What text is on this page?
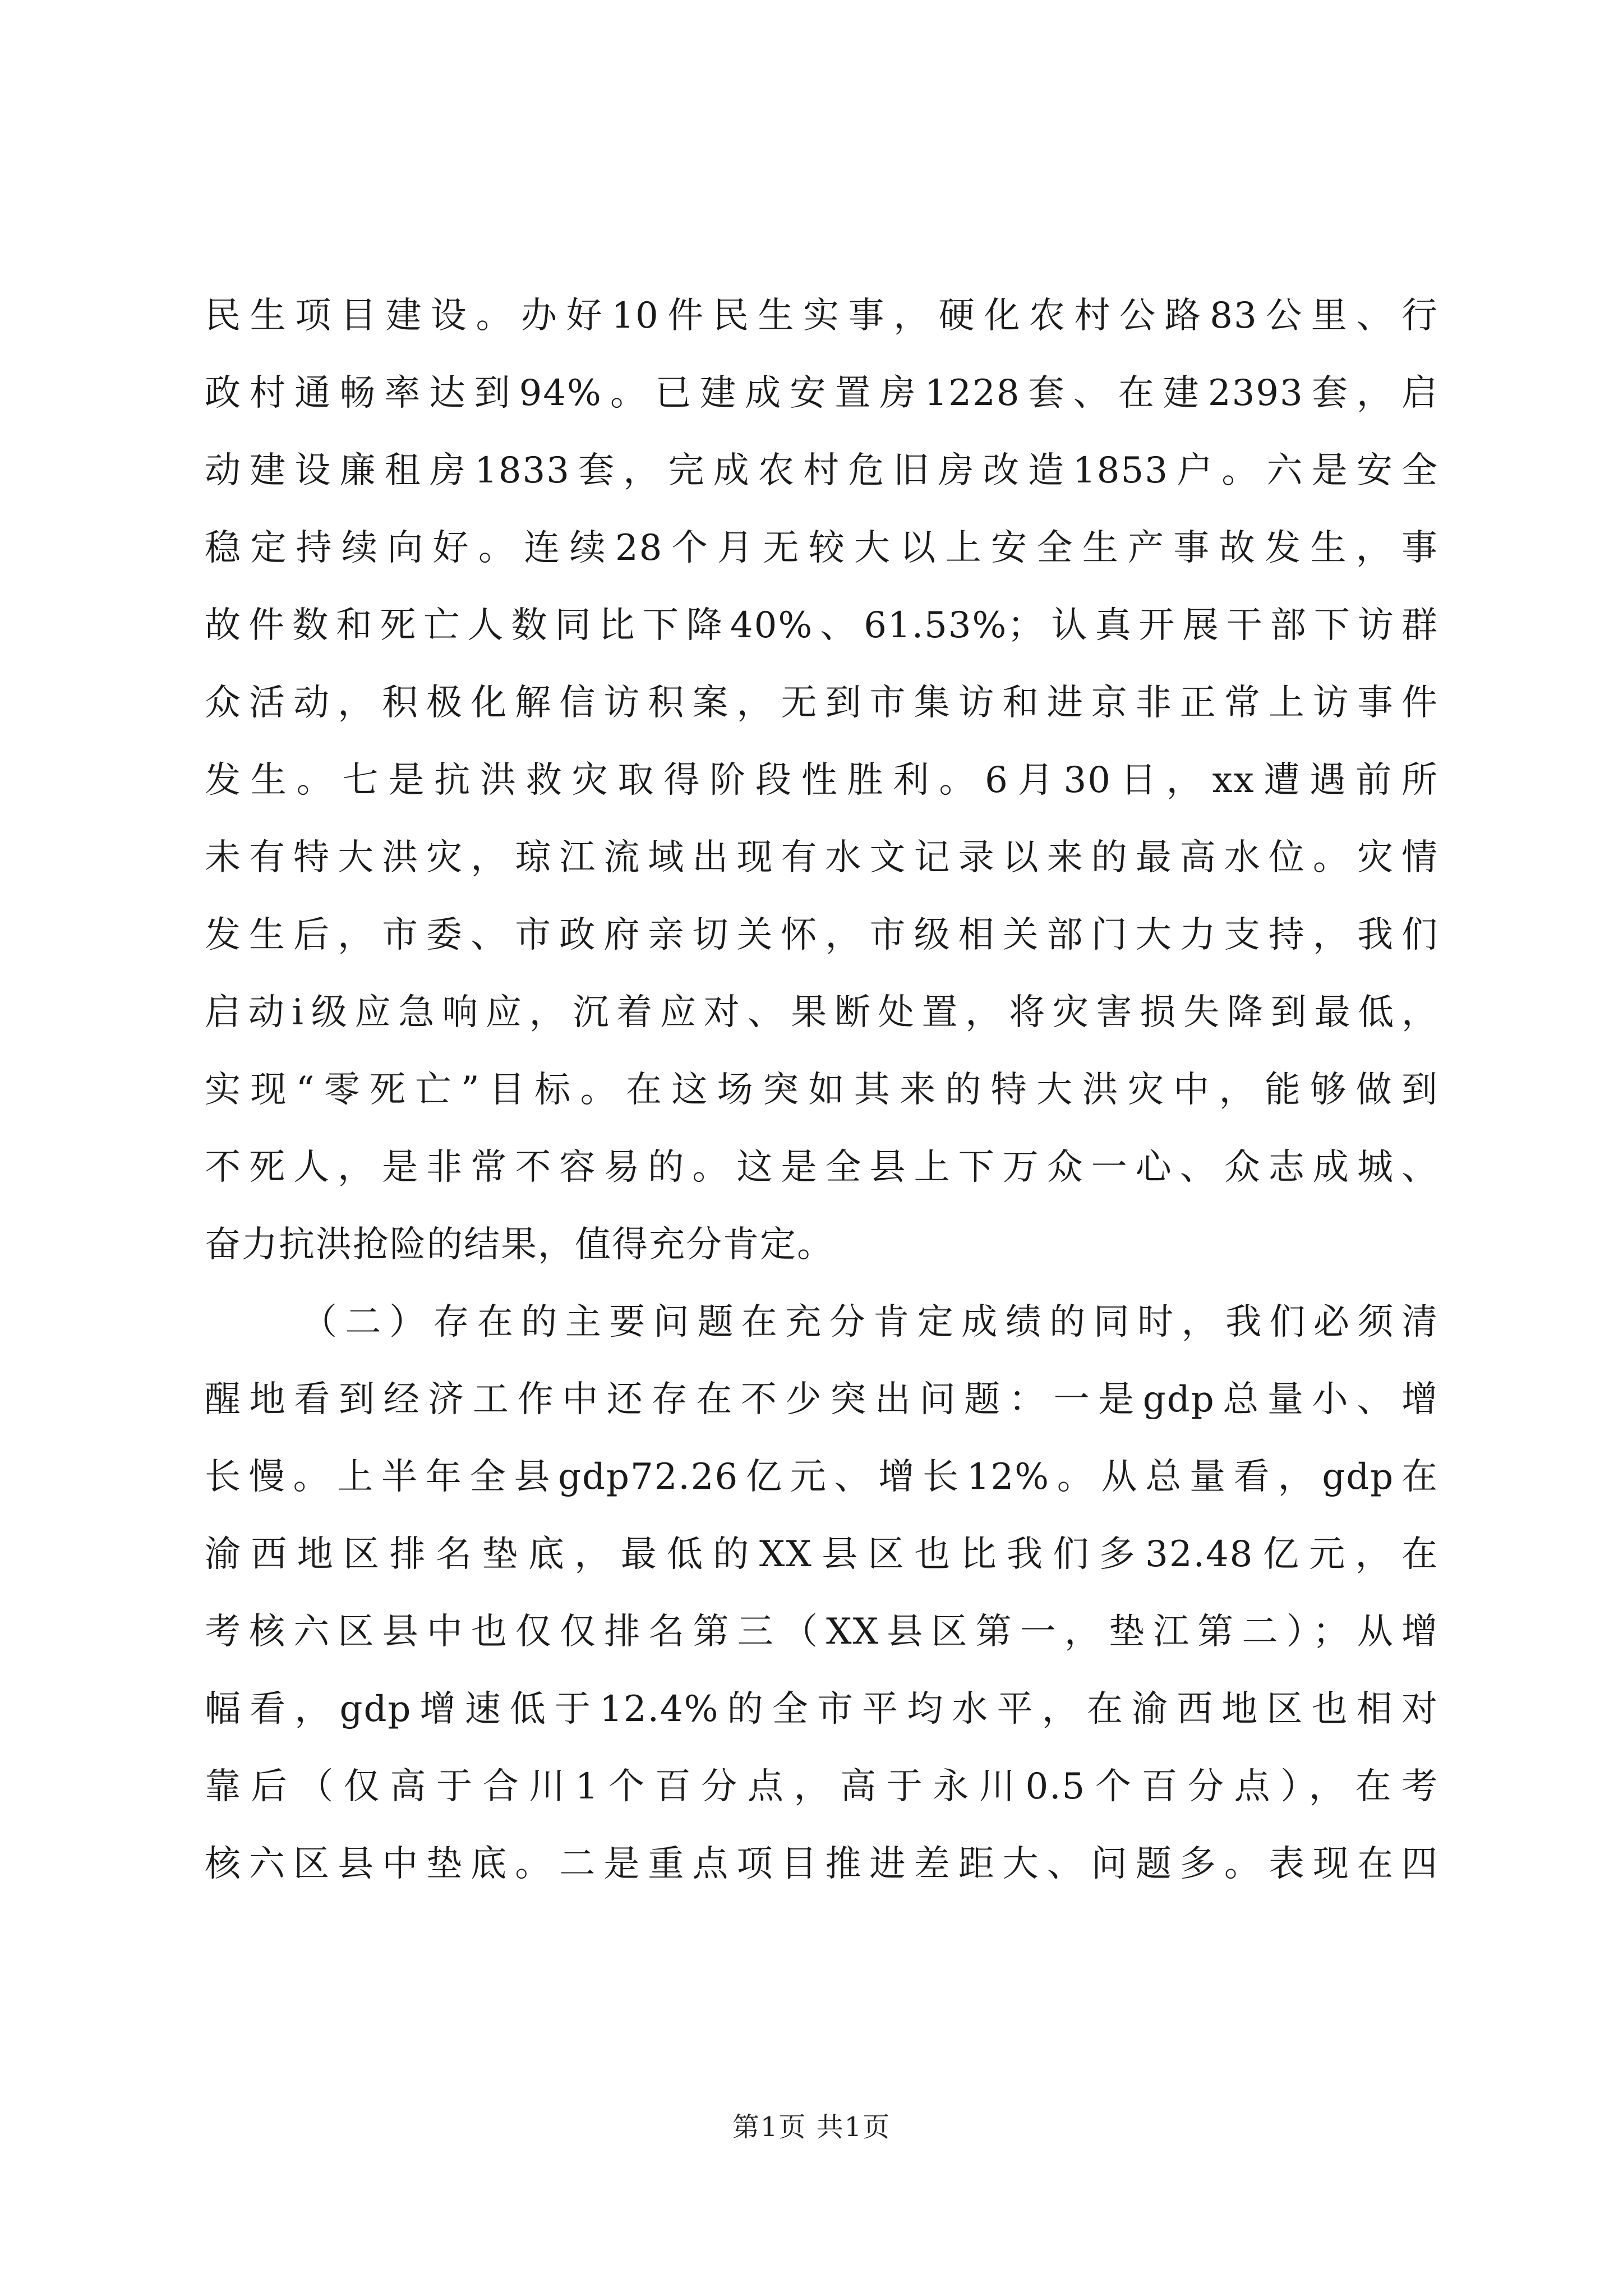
民生项目建设。办好10件民生实事，硬化农村公路83公里、行
政村通畅率达到94%。已建成安置房1228套、在建2393套，启
动建设廉租房1833套，完成农村危旧房改造1853户。六是安全
稳定持续向好。连续28个月无较大以上安全生产事故发生，事
故件数和死亡人数同比下降40%、61.53%；认真开展干部下访群
众活动，积极化解信访积案，无到市集访和进京非正常上访事件
发生。七是抗洪救灾取得阶段性胜利。6月30日，xx遭遇前所
未有特大洪灾，琼江流域出现有水文记录以来的最高水位。灾情
发生后，市委、市政府亲切关怀，市级相关部门大力支持，我们
启动i级应急响应，沉着应对、果断处置，将灾害损失降到最低，
实现“零死亡”目标。在这场突如其来的特大洪灾中，能够做到
不死人，是非常不容易的。这是全县上下万众一心、众志成城、
奋力抗洪抢险的结果，值得充分肯定。
（二）存在的主要问题在充分肯定成绩的同时，我们必须清
醒地看到经济工作中还存在不少突出问题：一是gdp总量小、增
长慢。上半年全县gdp72.26亿元、增长12%。从总量看，gdp在
渝西地区排名垫底，最低的XX县区也比我们多32.48亿元，在
考核六区县中也仅仅排名第三（XX县区第一，垫江第二）；从增
幅看，gdp增速低于12.4%的全市平均水平，在渝西地区也相对
靠后（仅高于合川1个百分点，高于永川0.5个百分点），在考
核六区县中垫底。二是重点项目推进差距大、问题多。表现在四
第1页 共1页
